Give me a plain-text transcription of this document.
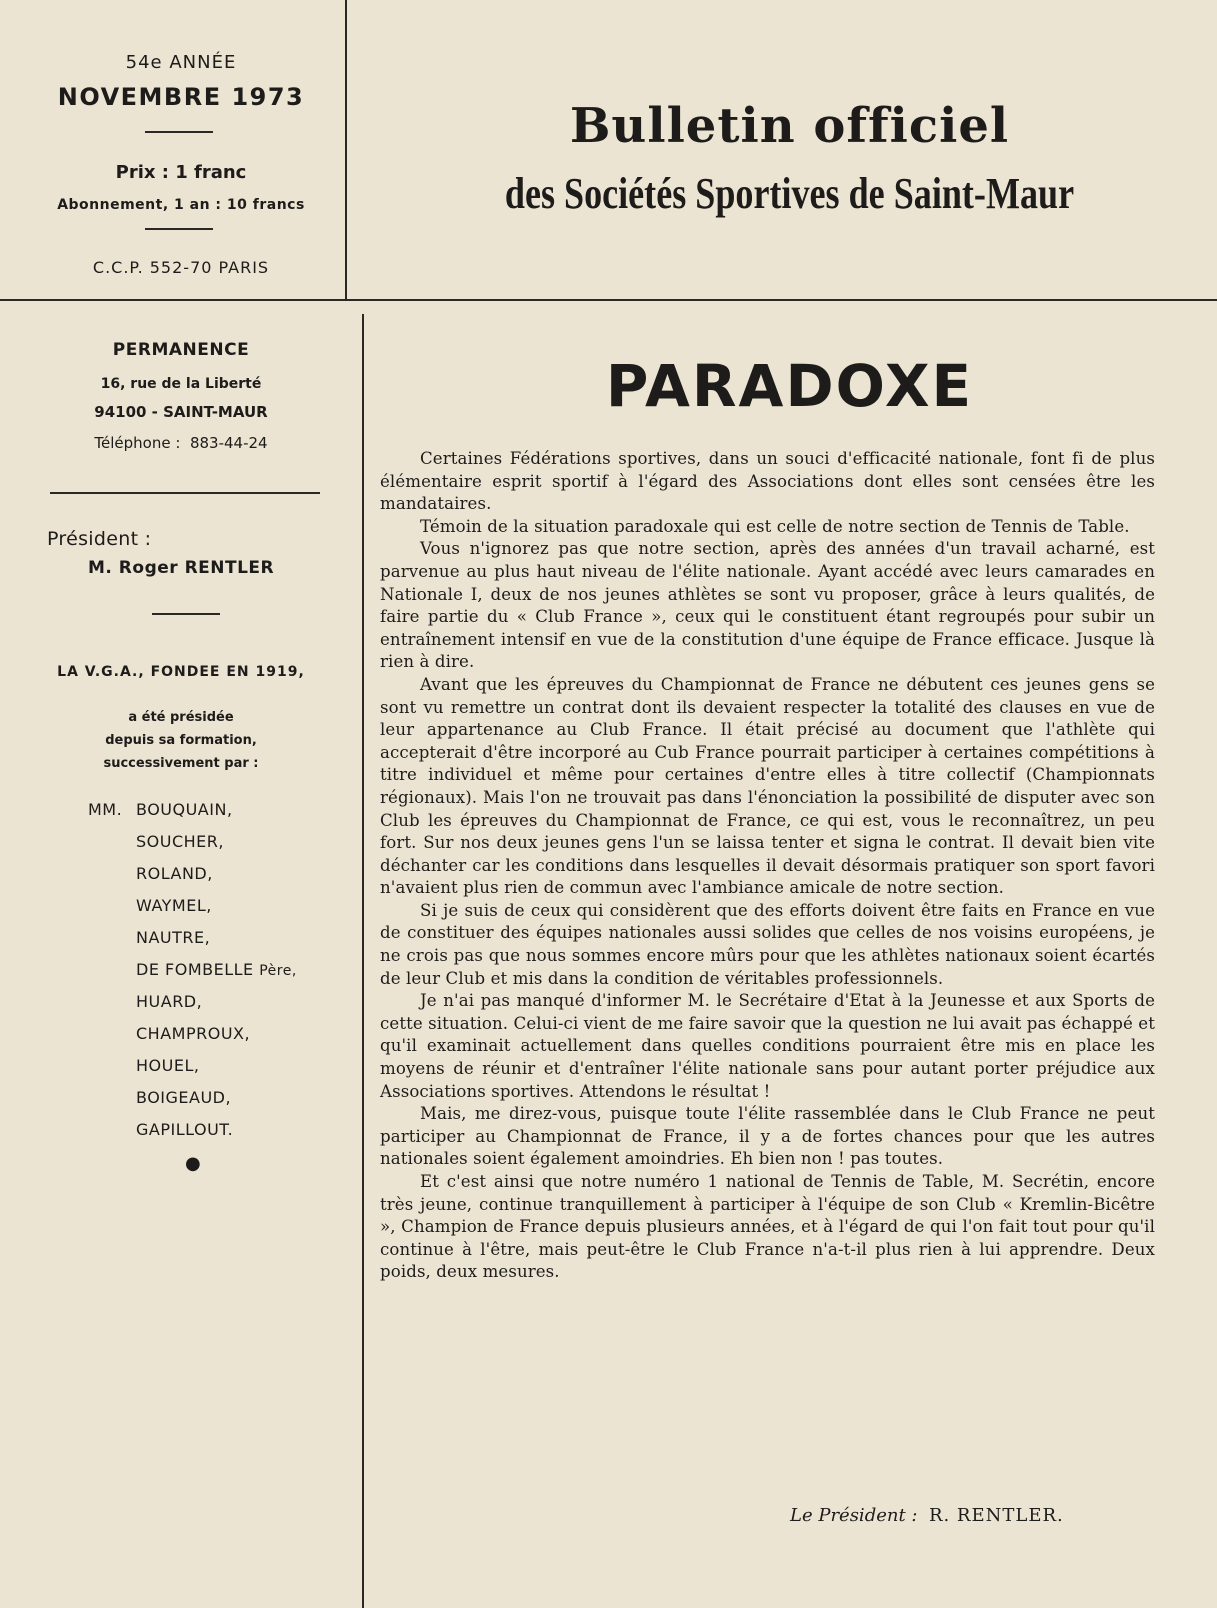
54e ANNÉE
NOVEMBRE 1973
Prix : 1 franc
Abonnement, 1 an : 10 francs
C.C.P. 552-70 PARIS
Bulletin officiel
des Sociétés Sportives de Saint-Maur
PERMANENCE
16, rue de la Liberté
94100 - SAINT-MAUR
Téléphone : 883-44-24
Président :
M. Roger RENTLER
LA V.G.A., FONDEE EN 1919,
a été présidée
depuis sa formation,
successivement par :
MM. BOUQUAIN,
SOUCHER,
ROLAND,
WAYMEL,
NAUTRE,
DE FOMBELLE Père,
HUARD,
CHAMPROUX,
HOUEL,
BOIGEAUD,
GAPILLOUT.
●
PARADOXE

Certaines Fédérations sportives, dans un souci d'efficacité nationale, font fi de plus élémentaire esprit sportif à l'égard des Associations dont elles sont censées être les mandataires.

Témoin de la situation paradoxale qui est celle de notre section de Tennis de Table.

Vous n'ignorez pas que notre section, après des années d'un travail acharné, est parvenue au plus haut niveau de l'élite nationale. Ayant accédé avec leurs camarades en Nationale I, deux de nos jeunes athlètes se sont vu proposer, grâce à leurs qualités, de faire partie du « Club France », ceux qui le constituent étant regroupés pour subir un entraînement intensif en vue de la constitution d'une équipe de France efficace. Jusque là rien à dire.

Avant que les épreuves du Championnat de France ne débutent ces jeunes gens se sont vu remettre un contrat dont ils devaient respecter la totalité des clauses en vue de leur appartenance au Club France. Il était précisé au document que l'athlète qui accepterait d'être incorporé au Cub France pourrait participer à certaines compétitions à titre individuel et même pour certaines d'entre elles à titre collectif (Championnats régionaux). Mais l'on ne trouvait pas dans l'énonciation la possibilité de disputer avec son Club les épreuves du Championnat de France, ce qui est, vous le reconnaîtrez, un peu fort. Sur nos deux jeunes gens l'un se laissa tenter et signa le contrat. Il devait bien vite déchanter car les conditions dans lesquelles il devait désormais pratiquer son sport favori n'avaient plus rien de commun avec l'ambiance amicale de notre section.

Si je suis de ceux qui considèrent que des efforts doivent être faits en France en vue de constituer des équipes nationales aussi solides que celles de nos voisins européens, je ne crois pas que nous sommes encore mûrs pour que les athlètes nationaux soient écartés de leur Club et mis dans la condition de véritables professionnels.

Je n'ai pas manqué d'informer M. le Secrétaire d'Etat à la Jeunesse et aux Sports de cette situation. Celui-ci vient de me faire savoir que la question ne lui avait pas échappé et qu'il examinait actuellement dans quelles conditions pourraient être mis en place les moyens de réunir et d'entraîner l'élite nationale sans pour autant porter préjudice aux Associations sportives. Attendons le résultat !

Mais, me direz-vous, puisque toute l'élite rassemblée dans le Club France ne peut participer au Championnat de France, il y a de fortes chances pour que les autres nationales soient également amoindries. Eh bien non ! pas toutes.

Et c'est ainsi que notre numéro 1 national de Tennis de Table, M. Secrétin, encore très jeune, continue tranquillement à participer à l'équipe de son Club « Kremlin-Bicêtre », Champion de France depuis plusieurs années, et à l'égard de qui l'on fait tout pour qu'il continue à l'être, mais peut-être le Club France n'a-t-il plus rien à lui apprendre. Deux poids, deux mesures.

Le Président : R. RENTLER.
